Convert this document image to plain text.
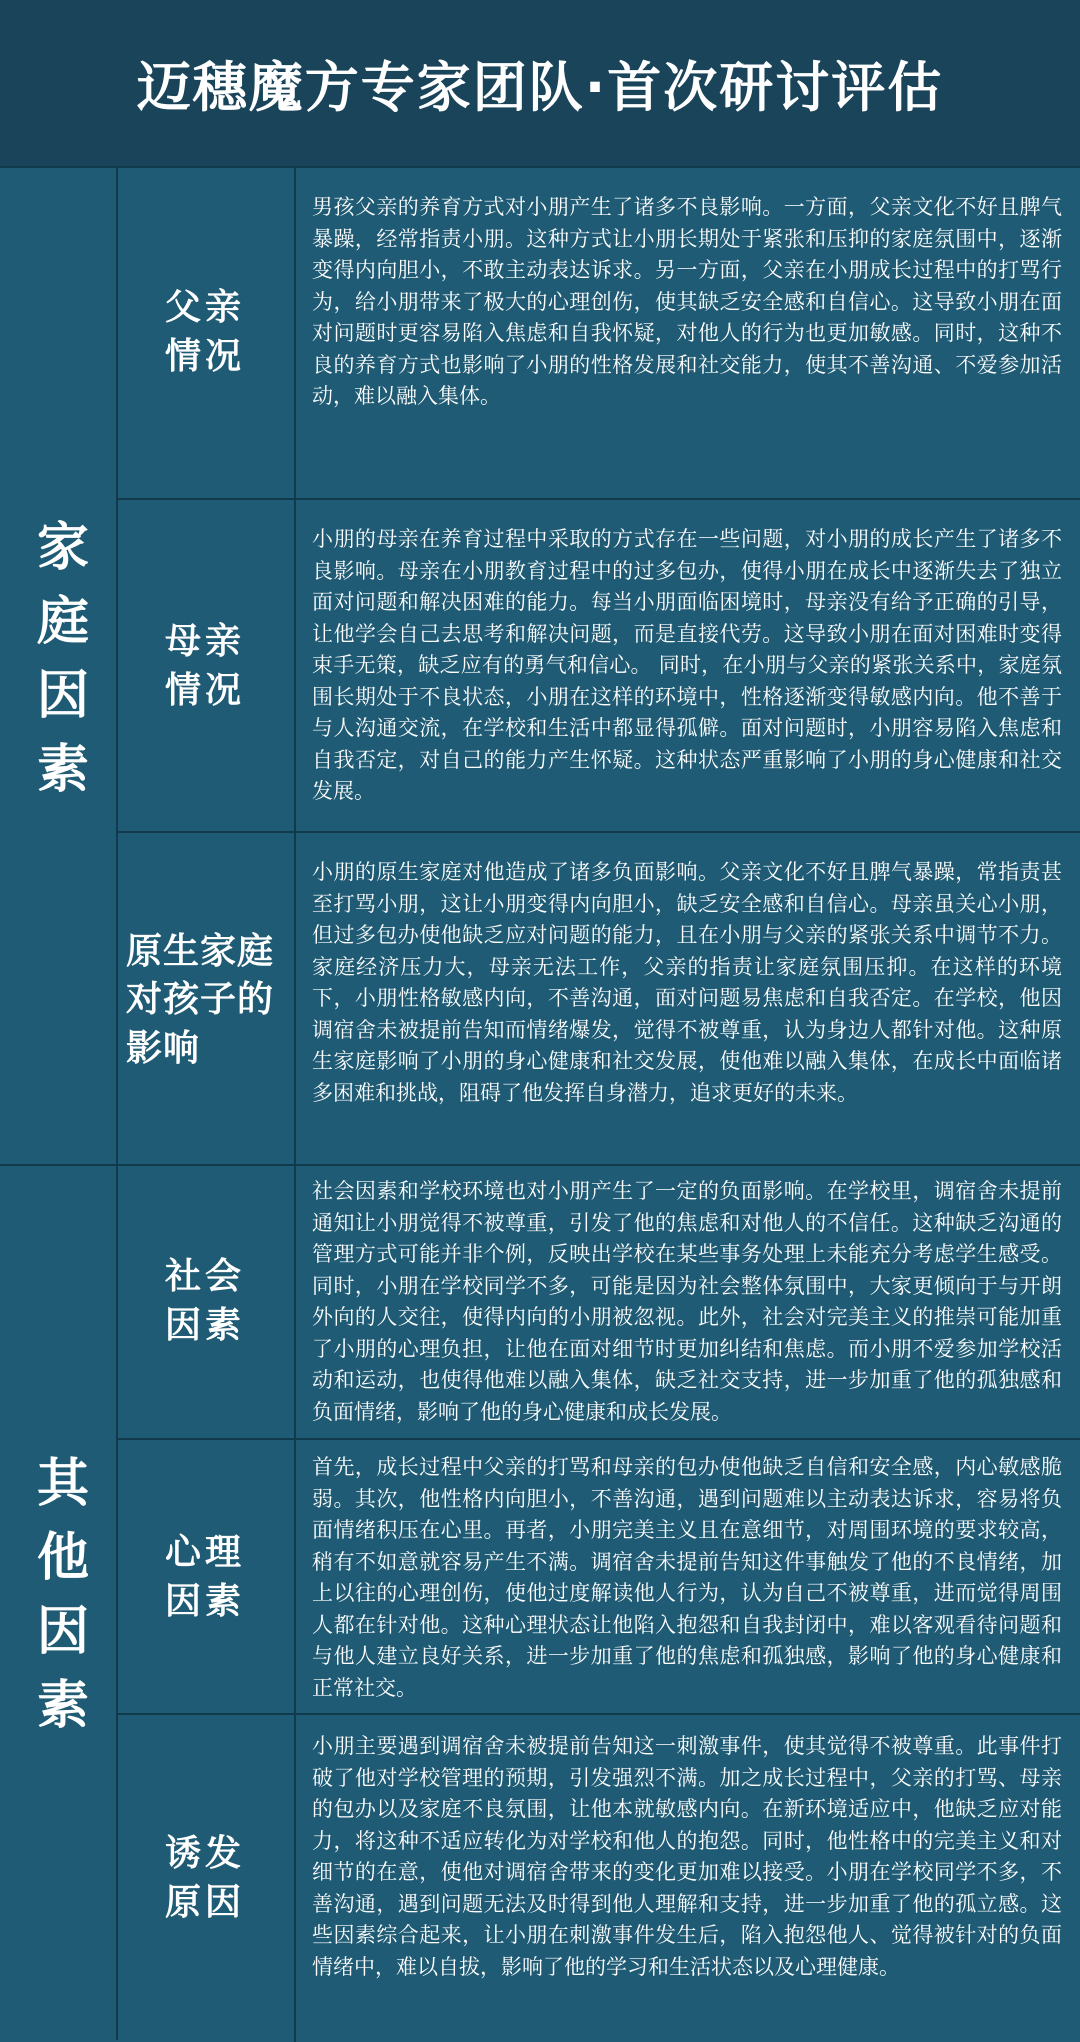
迈穗魔方专家团队·首次研讨评估
家庭因素
父亲情况
男孩父亲的养育方式对小朋产生了诸多不良影响。一方面，父亲文化不好且脾气暴躁，经常指责小朋。这种方式让小朋长期处于紧张和压抑的家庭氛围中，逐渐变得内向胆小，不敢主动表达诉求。另一方面，父亲在小朋成长过程中的打骂行为，给小朋带来了极大的心理创伤，使其缺乏安全感和自信心。这导致小朋在面对问题时更容易陷入焦虑和自我怀疑，对他人的行为也更加敏感。同时，这种不良的养育方式也影响了小朋的性格发展和社交能力，使其不善沟通、不爱参加活动，难以融入集体。
母亲情况
小朋的母亲在养育过程中采取的方式存在一些问题，对小朋的成长产生了诸多不良影响。母亲在小朋教育过程中的过多包办，使得小朋在成长中逐渐失去了独立面对问题和解决困难的能力。每当小朋面临困境时，母亲没有给予正确的引导，让他学会自己去思考和解决问题，而是直接代劳。这导致小朋在面对困难时变得束手无策，缺乏应有的勇气和信心。 同时，在小朋与父亲的紧张关系中，家庭氛围长期处于不良状态，小朋在这样的环境中，性格逐渐变得敏感内向。他不善于与人沟通交流，在学校和生活中都显得孤僻。面对问题时，小朋容易陷入焦虑和自我否定，对自己的能力产生怀疑。这种状态严重影响了小朋的身心健康和社交发展。
原生家庭对孩子的影响
小朋的原生家庭对他造成了诸多负面影响。父亲文化不好且脾气暴躁，常指责甚至打骂小朋，这让小朋变得内向胆小，缺乏安全感和自信心。母亲虽关心小朋，但过多包办使他缺乏应对问题的能力，且在小朋与父亲的紧张关系中调节不力。家庭经济压力大，母亲无法工作，父亲的指责让家庭氛围压抑。在这样的环境下，小朋性格敏感内向，不善沟通，面对问题易焦虑和自我否定。在学校，他因调宿舍未被提前告知而情绪爆发，觉得不被尊重，认为身边人都针对他。这种原生家庭影响了小朋的身心健康和社交发展，使他难以融入集体，在成长中面临诸多困难和挑战，阻碍了他发挥自身潜力，追求更好的未来。
其他因素
社会因素
社会因素和学校环境也对小朋产生了一定的负面影响。在学校里，调宿舍未提前通知让小朋觉得不被尊重，引发了他的焦虑和对他人的不信任。这种缺乏沟通的管理方式可能并非个例，反映出学校在某些事务处理上未能充分考虑学生感受。同时，小朋在学校同学不多，可能是因为社会整体氛围中，大家更倾向于与开朗外向的人交往，使得内向的小朋被忽视。此外，社会对完美主义的推崇可能加重了小朋的心理负担，让他在面对细节时更加纠结和焦虑。而小朋不爱参加学校活动和运动，也使得他难以融入集体，缺乏社交支持，进一步加重了他的孤独感和负面情绪，影响了他的身心健康和成长发展。
心理因素
首先，成长过程中父亲的打骂和母亲的包办使他缺乏自信和安全感，内心敏感脆弱。其次，他性格内向胆小，不善沟通，遇到问题难以主动表达诉求，容易将负面情绪积压在心里。再者，小朋完美主义且在意细节，对周围环境的要求较高，稍有不如意就容易产生不满。调宿舍未提前告知这件事触发了他的不良情绪，加上以往的心理创伤，使他过度解读他人行为，认为自己不被尊重，进而觉得周围人都在针对他。这种心理状态让他陷入抱怨和自我封闭中，难以客观看待问题和与他人建立良好关系，进一步加重了他的焦虑和孤独感，影响了他的身心健康和正常社交。
诱发原因
小朋主要遇到调宿舍未被提前告知这一刺激事件，使其觉得不被尊重。此事件打破了他对学校管理的预期，引发强烈不满。加之成长过程中，父亲的打骂、母亲的包办以及家庭不良氛围，让他本就敏感内向。在新环境适应中，他缺乏应对能力，将这种不适应转化为对学校和他人的抱怨。同时，他性格中的完美主义和对细节的在意，使他对调宿舍带来的变化更加难以接受。小朋在学校同学不多，不善沟通，遇到问题无法及时得到他人理解和支持，进一步加重了他的孤立感。这些因素综合起来，让小朋在刺激事件发生后，陷入抱怨他人、觉得被针对的负面情绪中，难以自拔，影响了他的学习和生活状态以及心理健康。
